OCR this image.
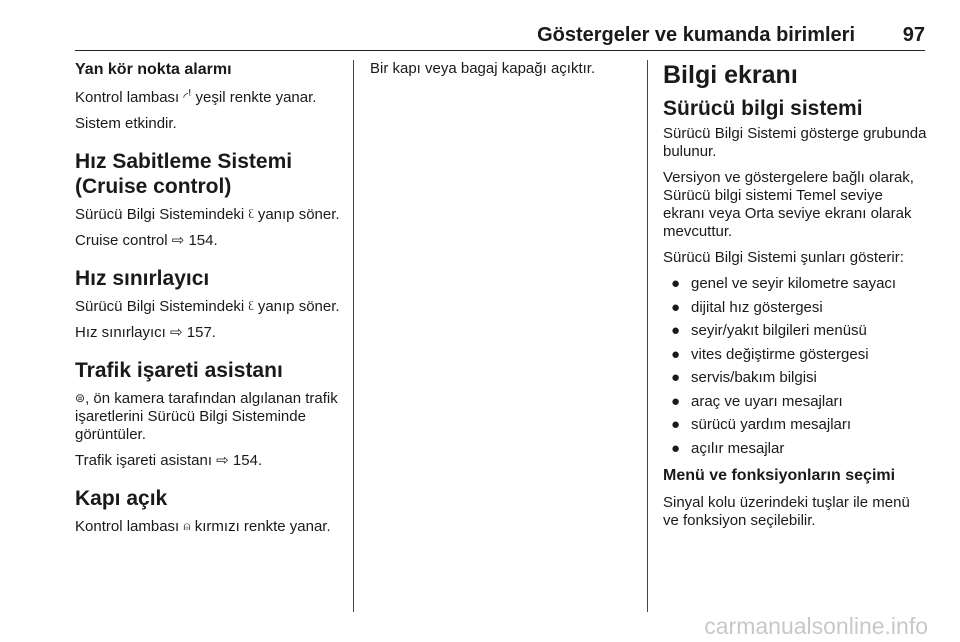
Göstergeler ve kumanda birimleri 97
Yan kör nokta alarmı

Kontrol lambası ◜ꜝ yeşil renkte yanar.

Sistem etkindir.

Hız Sabitleme Sistemi (Cruise control)

Sürücü Bilgi Sistemindeki ᦷ yanıp söner.

Cruise control ⇨ 154.

Hız sınırlayıcı

Sürücü Bilgi Sistemindeki ᦷ yanıp söner.

Hız sınırlayıcı ⇨ 157.

Trafik işareti asistanı

⊜, ön kamera tarafından algılanan trafik işaretlerini Sürücü Bilgi Sisteminde görüntüler.

Trafik işareti asistanı ⇨ 154.

Kapı açık

Kontrol lambası ⍝ kırmızı renkte yanar.

Bir kapı veya bagaj kapağı açıktır.	Bilgi ekranı
Sürücü bilgi sistemi

Sürücü Bilgi Sistemi gösterge grubunda bulunur.

Versiyon ve göstergelere bağlı olarak, Sürücü bilgi sistemi Temel seviye ekranı veya Orta seviye ekranı olarak mevcuttur.

Sürücü Bilgi Sistemi şunları gösterir:

● genel ve seyir kilometre sayacı
● dijital hız göstergesi
● seyir/yakıt bilgileri menüsü
● vites değiştirme göstergesi
● servis/bakım bilgisi
● araç ve uyarı mesajları
● sürücü yardım mesajları
● açılır mesajlar
Menü ve fonksiyonların seçimi

Sinyal kolu üzerindeki tuşlar ile menü ve fonksiyon seçilebilir.

carmanualsonline.info
